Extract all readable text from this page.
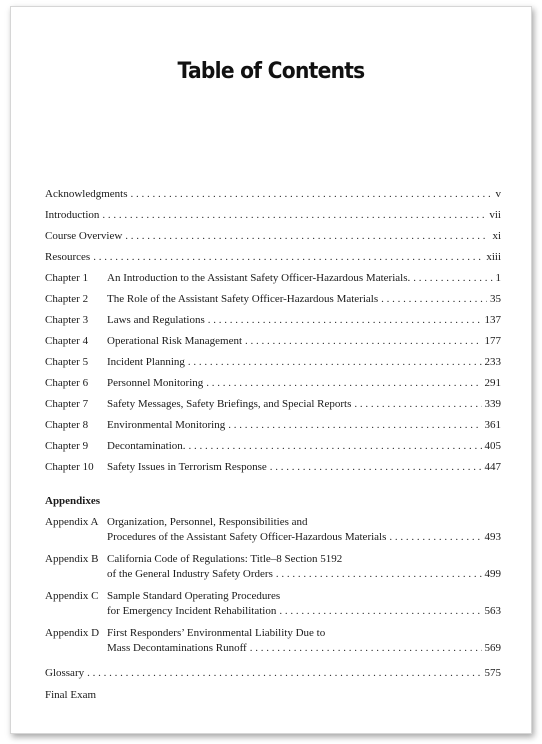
Table of Contents
Acknowledgments . . .	v
Introduction . . .	vii
Course Overview . . .	xi
Resources . . .	xiii
Chapter 1	An Introduction to the Assistant Safety Officer-Hazardous Materials. . . .	1
Chapter 2	The Role of the Assistant Safety Officer-Hazardous Materials . . .	35
Chapter 3	Laws and Regulations . . .	137
Chapter 4	Operational Risk Management . . .	177
Chapter 5	Incident Planning . . .	233
Chapter 6	Personnel Monitoring . . .	291
Chapter 7	Safety Messages, Safety Briefings, and Special Reports . . .	339
Chapter 8	Environmental Monitoring . . .	361
Chapter 9	Decontamination. . . .	405
Chapter 10	Safety Issues in Terrorism Response . . .	447
Appendixes
Appendix A Organization, Personnel, Responsibilities and
Procedures of the Assistant Safety Officer-Hazardous Materials . . .	493
Appendix B California Code of Regulations: Title–8 Section 5192
of the General Industry Safety Orders . . .	499
Appendix C Sample Standard Operating Procedures
for Emergency Incident Rehabilitation . . .	563
Appendix D First Responders’ Environmental Liability Due to
Mass Decontaminations Runoff . . .	569
Glossary . . .	575
Final Exam
